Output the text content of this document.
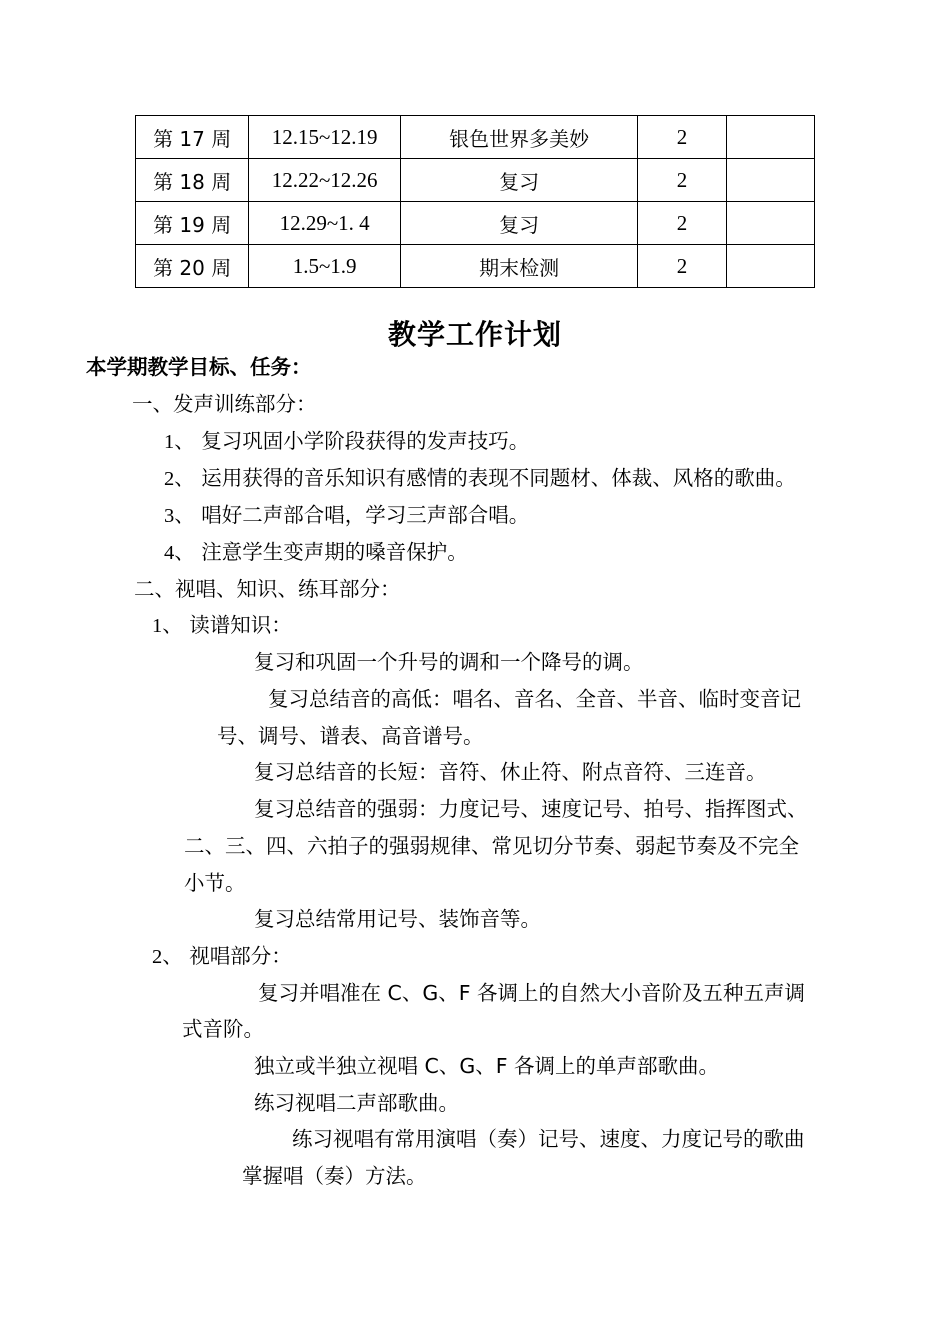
第 17 周	12.15~12.19	银色世界多美妙	2	
第 18 周	12.22~12.26	复习	2	
第 19 周	12.29~1. 4	复习	2	
第 20 周	1.5~1.9	期末检测	2	
教学工作计划
本学期教学目标、任务：
一、发声训练部分：
1、 复习巩固小学阶段获得的发声技巧。
2、 运用获得的音乐知识有感情的表现不同题材、体裁、风格的歌曲。
3、 唱好二声部合唱，学习三声部合唱。
4、 注意学生变声期的嗓音保护。
二、视唱、知识、练耳部分：
1、 读谱知识：
复习和巩固一个升号的调和一个降号的调。
复习总结音的高低：唱名、音名、全音、半音、临时变音记
号、调号、谱表、高音谱号。
复习总结音的长短：音符、休止符、附点音符、三连音。
复习总结音的强弱：力度记号、速度记号、拍号、指挥图式、
二、三、四、六拍子的强弱规律、常见切分节奏、弱起节奏及不完全
小节。
复习总结常用记号、装饰音等。
2、 视唱部分：
复习并唱准在 C、G、F 各调上的自然大小音阶及五种五声调
式音阶。
独立或半独立视唱 C、G、F 各调上的单声部歌曲。
练习视唱二声部歌曲。
练习视唱有常用演唱（奏）记号、速度、力度记号的歌曲
掌握唱（奏）方法。
